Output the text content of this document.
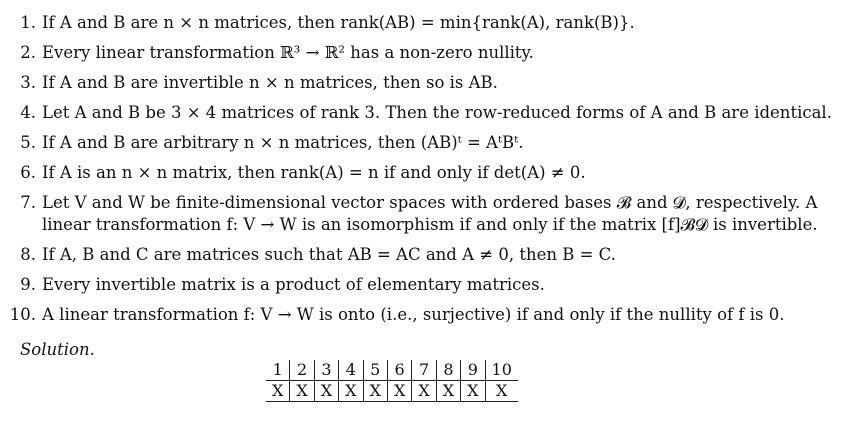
1. If A and B are n × n matrices, then rank(AB) = min{rank(A), rank(B)}.
2. Every linear transformation ℝ³ → ℝ² has a non-zero nullity.
3. If A and B are invertible n × n matrices, then so is AB.
4. Let A and B be 3 × 4 matrices of rank 3. Then the row-reduced forms of A and B are identical.
5. If A and B are arbitrary n × n matrices, then (AB)ᵗ = AᵗBᵗ.
6. If A is an n × n matrix, then rank(A) = n if and only if det(A) ≠ 0.
7. Let V and W be finite-dimensional vector spaces with ordered bases 𝓑 and 𝓓, respectively. A linear transformation f: V → W is an isomorphism if and only if the matrix [f]𝓑𝓓 is invertible.
8. If A, B and C are matrices such that AB = AC and A ≠ 0, then B = C.
9. Every invertible matrix is a product of elementary matrices.
10. A linear transformation f: V → W is onto (i.e., surjective) if and only if the nullity of f is 0.
Solution.
1	2	3	4	5	6	7	8	9	10
X	X	X	X	X	X	X	X	X	X
